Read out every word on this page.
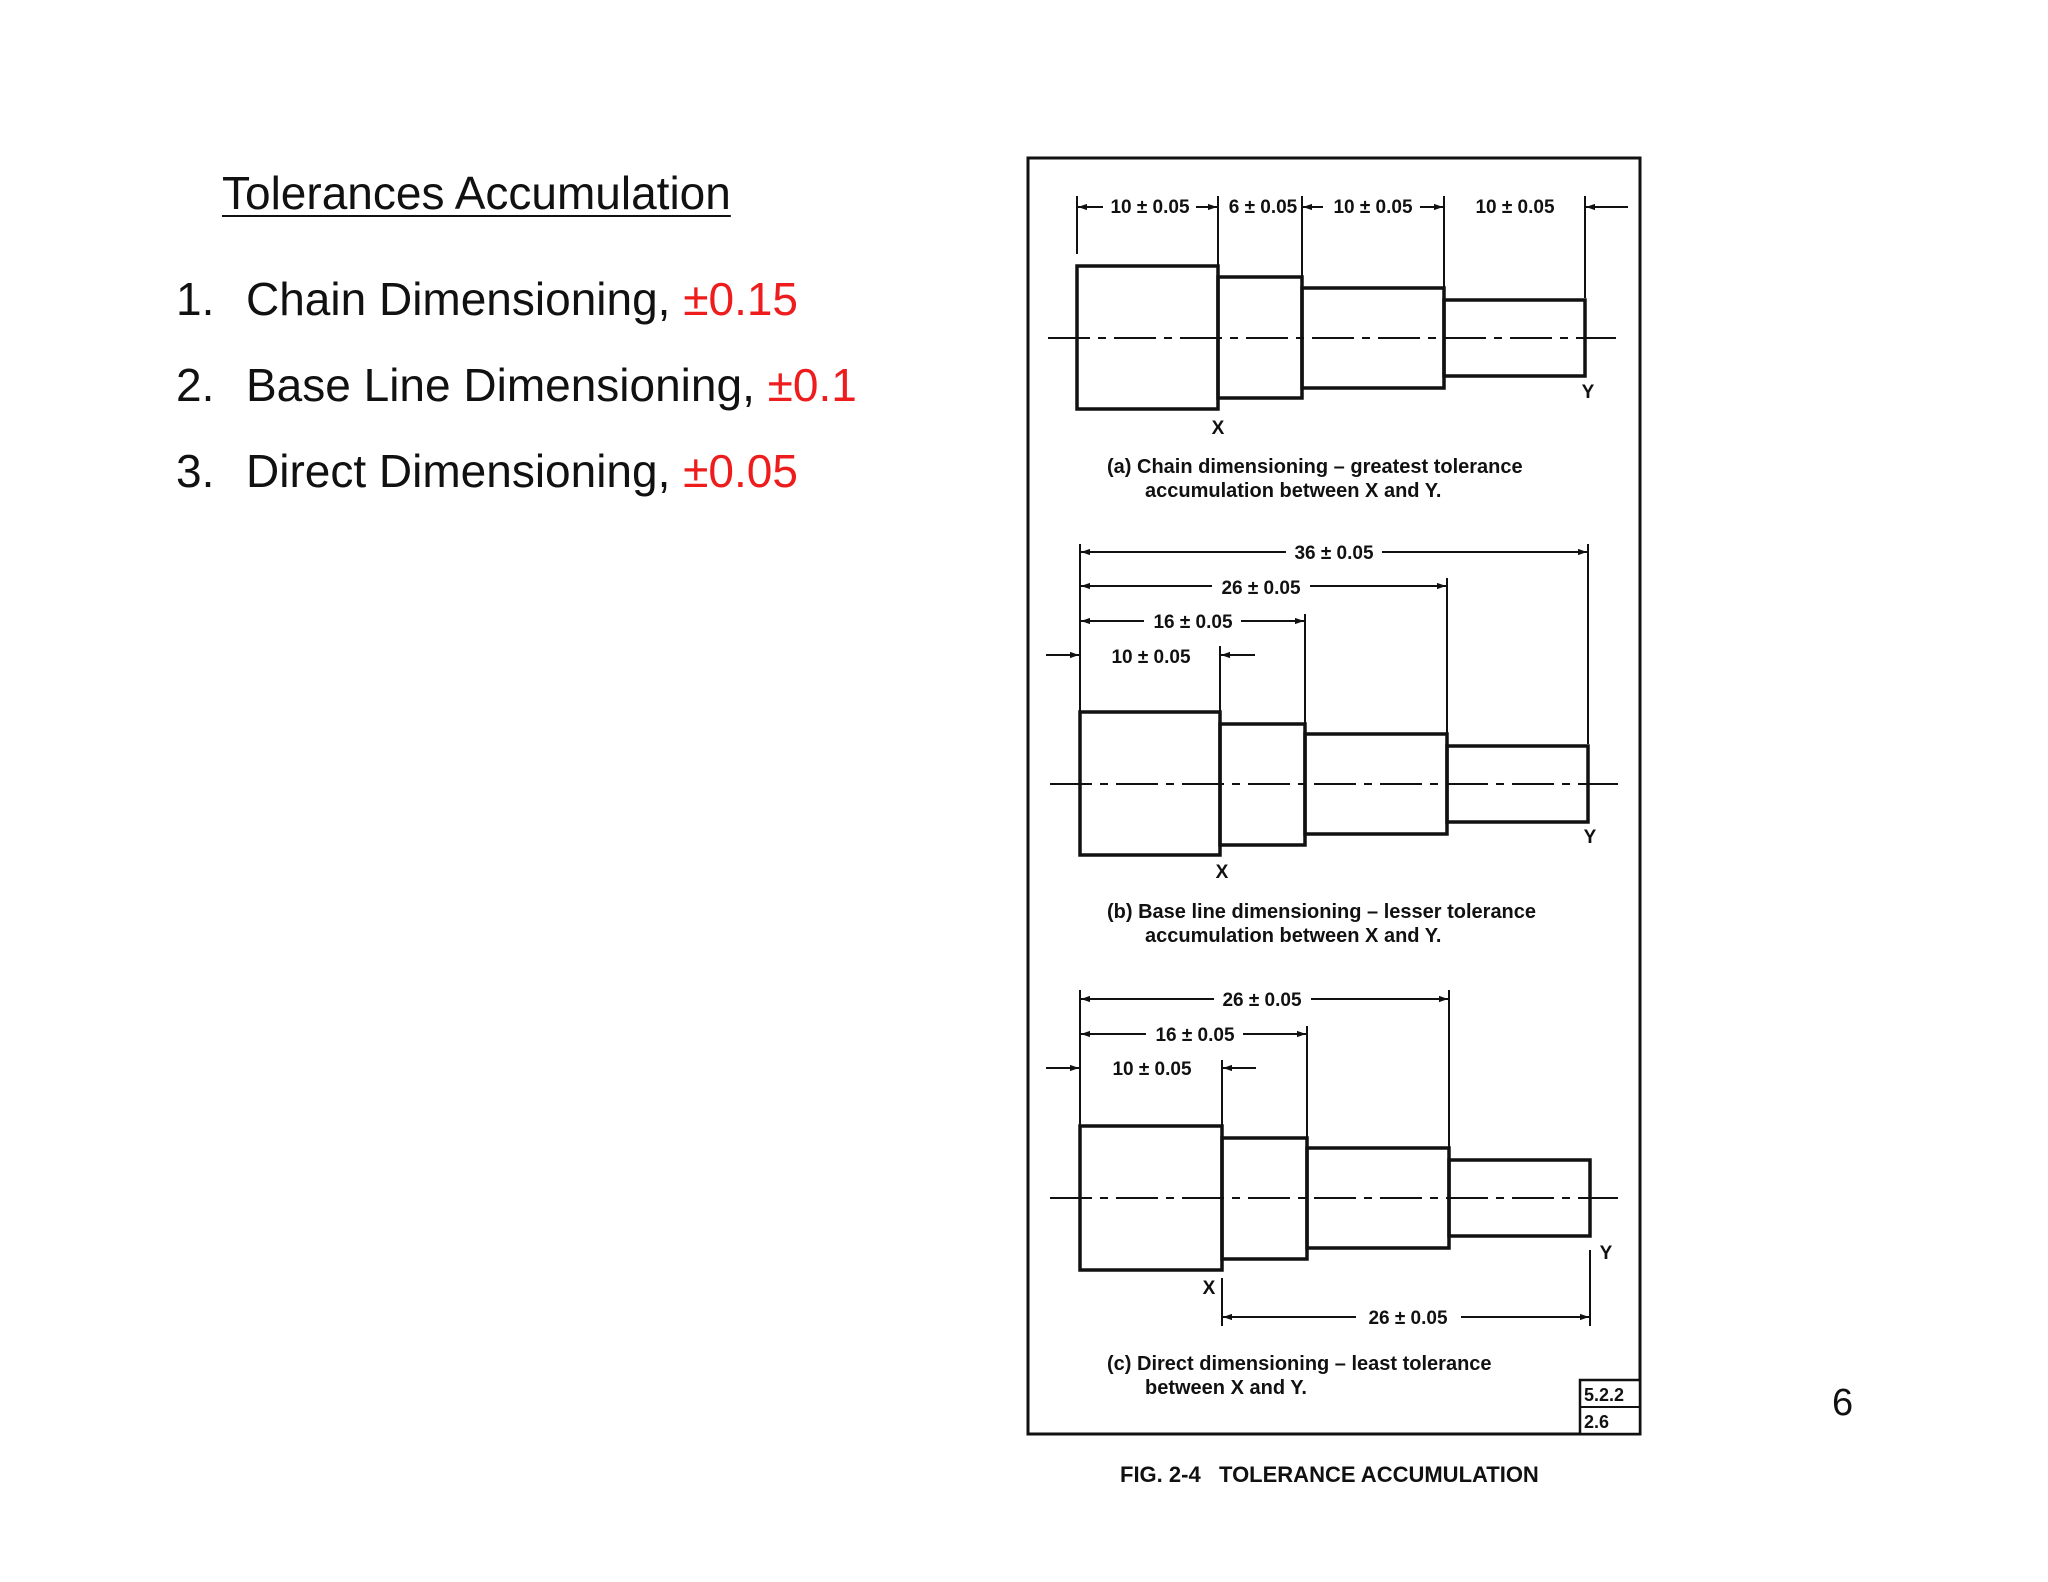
Tolerances Accumulation
1. Chain Dimensioning, ±0.15
2. Base Line Dimensioning, ±0.1
3. Direct Dimensioning, ±0.05
6
10 ± 0.05 6 ± 0.05 10 ± 0.05	10 ± 0.05
X
Y
(a) Chain dimensioning – greatest tolerance
accumulation between X and Y.
36 ± 0.05
26 ± 0.05
16 ± 0.05
10 ± 0.05
X
Y
(b) Base line dimensioning – lesser tolerance
accumulation between X and Y.
26 ± 0.05
16 ± 0.05
10 ± 0.05
26 ± 0.05
X
Y
(c) Direct dimensioning – least tolerance
between X and Y.	5.2.2
2.6
FIG. 2-4   TOLERANCE ACCUMULATION
